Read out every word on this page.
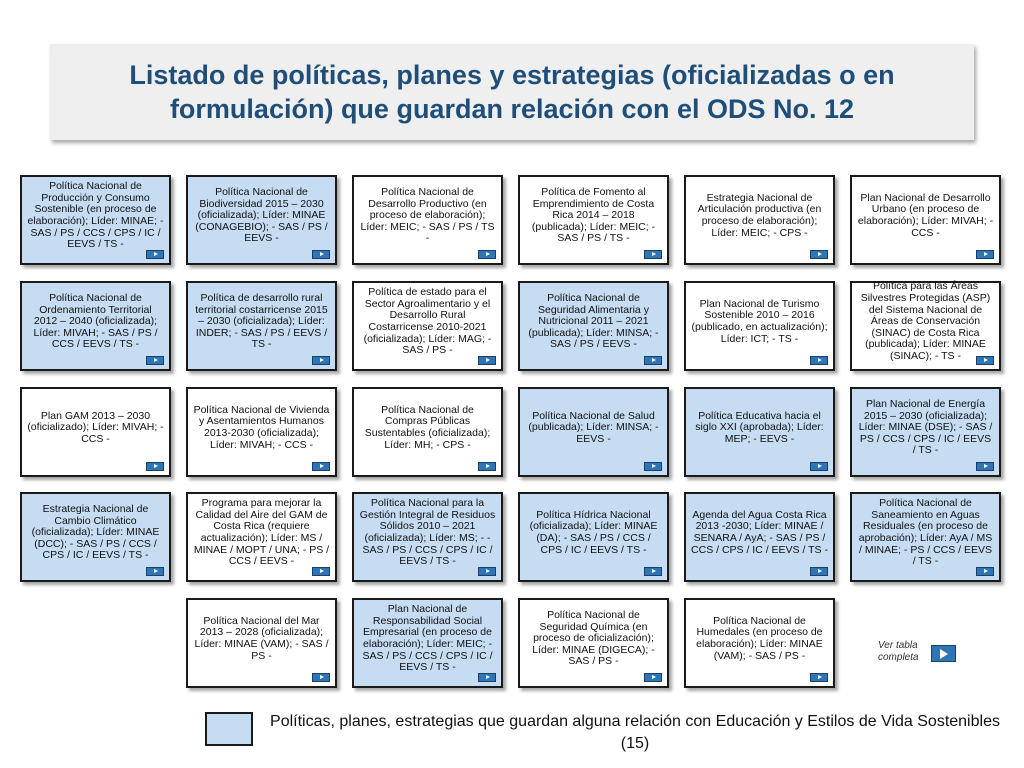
Listado de políticas, planes y estrategias (oficializadas o en formulación) que guardan relación con el ODS No. 12
Política Nacional de Producción y Consumo Sostenible (en proceso de elaboración); Líder: MINAE; - SAS / PS / CCS / CPS / IC / EEVS / TS -
Política Nacional de Biodiversidad 2015 – 2030 (oficializada); Líder: MINAE (CONAGEBIO); - SAS / PS / EEVS -
Política Nacional de Desarrollo Productivo (en proceso de elaboración); Líder: MEIC; - SAS / PS / TS -
Política de Fomento al Emprendimiento de Costa Rica 2014 – 2018 (publicada); Líder: MEIC; - SAS / PS / TS -
Estrategia Nacional de Articulación productiva (en proceso de elaboración); Líder: MEIC; - CPS -
Plan Nacional de Desarrollo Urbano (en proceso de elaboración); Líder: MIVAH; - CCS -
Política Nacional de Ordenamiento Territorial 2012 – 2040 (oficializada); Líder: MIVAH; - SAS / PS / CCS / EEVS / TS -
Política de desarrollo rural territorial costarricense 2015 – 2030 (oficializada); Líder: INDER; - SAS / PS / EEVS / TS -
Política de estado para el Sector Agroalimentario y el Desarrollo Rural Costarricense 2010-2021 (oficializada); Líder: MAG; - SAS / PS -
Política Nacional de Seguridad Alimentaria y Nutricional 2011 – 2021 (publicada); Líder: MINSA; - SAS / PS / EEVS -
Plan Nacional de Turismo Sostenible 2010 – 2016 (publicado, en actualización); Líder: ICT; - TS -
Política para las Áreas Silvestres Protegidas (ASP) del Sistema Nacional de Áreas de Conservación (SINAC) de Costa Rica (publicada); Líder: MINAE (SINAC); - TS -
Plan GAM 2013 – 2030 (oficializado); Líder: MIVAH; - CCS -
Política Nacional de Vivienda y Asentamientos Humanos 2013-2030 (oficializada); Líder: MIVAH; - CCS -
Política Nacional de Compras Públicas Sustentables (oficializada); Líder: MH; - CPS -
Política Nacional de Salud (publicada); Líder: MINSA; - EEVS -
Política Educativa hacia el siglo XXI (aprobada); Líder: MEP; - EEVS -
Plan Nacional de Energía 2015 – 2030 (oficializada); Líder: MINAE (DSE); - SAS / PS / CCS / CPS / IC / EEVS / TS -
Estrategia Nacional de Cambio Climático (oficializada); Líder: MINAE (DCC); - SAS / PS / CCS / CPS / IC / EEVS / TS -
Programa para mejorar la Calidad del Aire del GAM de Costa Rica (requiere actualización); Líder: MS / MINAE / MOPT / UNA; - PS / CCS / EEVS -
Política Nacional para la Gestión Integral de Residuos Sólidos 2010 – 2021 (oficializada); Líder: MS; - - SAS / PS / CCS / CPS / IC / EEVS / TS -
Política Hídrica Nacional (oficializada); Líder: MINAE (DA); - SAS / PS / CCS / CPS / IC / EEVS / TS -
Agenda del Agua Costa Rica 2013 -2030; Líder: MINAE / SENARA / AyA; - SAS / PS / CCS / CPS / IC / EEVS / TS -
Política Nacional de Saneamiento en Aguas Residuales (en proceso de aprobación); Líder: AyA / MS / MINAE; - PS / CCS / EEVS / TS -
Política Nacional del Mar 2013 – 2028 (oficializada); Líder: MINAE (VAM); - SAS / PS -
Plan Nacional de Responsabilidad Social Empresarial (en proceso de elaboración); Líder: MEIC; - SAS / PS / CCS / CPS / IC / EEVS / TS -
Política Nacional de Seguridad Química (en proceso de oficialización); Líder: MINAE (DIGECA); - SAS / PS -
Política Nacional de Humedales (en proceso de elaboración); Líder: MINAE (VAM); - SAS / PS -
Ver tabla completa
Políticas, planes, estrategias que guardan alguna relación con Educación y Estilos de Vida Sostenibles (15)
